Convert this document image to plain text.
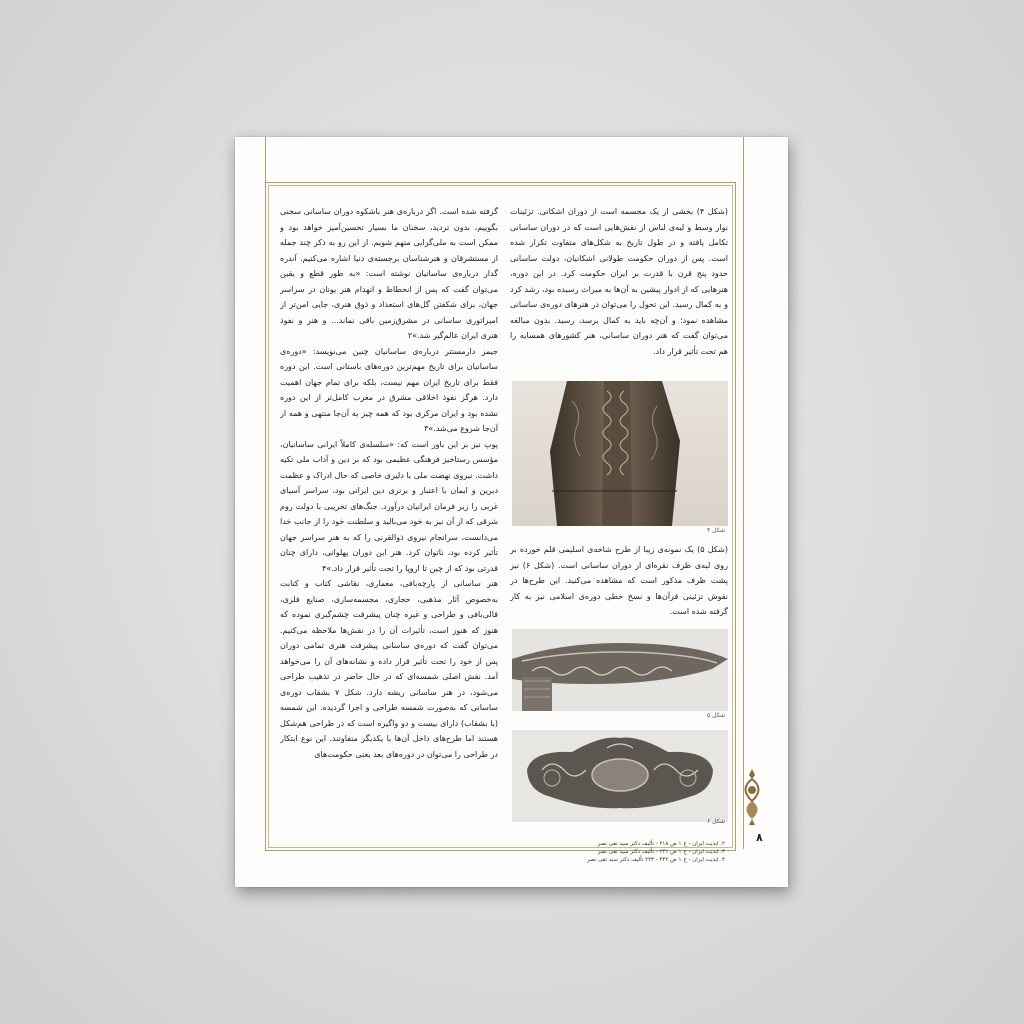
(شکل ۴) بخشی از یک مجسمه است از دوران اشکانی. تزئینات نوار وسط و لبه‌ی لباس از نقش‌هایی است که در دوران ساسانی تکامل یافته و در طول تاریخ به شکل‌های متفاوت تکرار شده است. پس از دوران حکومت طولانی اشکانیان، دولت ساسانی حدود پنج قرن با قدرت بر ایران حکومت کرد. در این دوره، هنرهایی که از ادوار پیشین به آن‌ها به میراث رسیده بود، رشد کرد و به کمال رسید. این تحول را می‌توان در هنرهای دوره‌ی ساسانی مشاهده نمود؛ و آن‌چه باید به کمال برسد، رسید. بدون مبالغه می‌توان گفت که هنر دوران ساسانی، هنر کشورهای همسایه را هم تحت تأثیر قرار داد.

شکل ۴

(شکل ۵) یک نمونه‌ی زیبا از طرح شاخه‌ی اسلیمی قلم خورده بر روی لبه‌ی ظرف نقره‌ای از دوران ساسانی است. (شکل ۶) نیز پشت ظرف مذکور است که مشاهده می‌کنید. این طرح‌ها در نقوش تزئینی قرآن‌ها و نسخ خطی دوره‌ی اسلامی نیز به کار گرفته شده است.

شکل ۵
شکل ۶

گرفته شده است. اگر درباره‌ی هنر باشکوه دوران ساسانی سخنی بگوییم، بدون تردید، سخنان ما بسیار تحسین‌آمیز خواهد بود و ممکن است به ملی‌گرایی متهم شویم. از این رو به ذکر چند جمله از مستشرقان و هنرشناسان برجسته‌ی دنیا اشاره می‌کنیم. آندره گدار درباره‌ی ساسانیان نوشته است: «به طور قطع و یقین می‌توان گفت که پس از انحطاط و انهدام هنر یونان در سراسر جهان، برای شکفتن گل‌های استعداد و ذوق هنری، جایی امن‌تر از امپراتوری ساسانی در مشرق‌زمین باقی نماند... و هنر و نفوذ هنری ایران عالم‌گیر شد.»۲

جیمز دارمستتر درباره‌ی ساسانیان چنین می‌نویسد: «دوره‌ی ساسانیان برای تاریخ مهم‌ترین دوره‌های باستانی است. این دوره فقط برای تاریخ ایران مهم نیست، بلکه برای تمام جهان اهمیت دارد. هرگز نفوذ اخلاقی مشرق در مغرب کامل‌تر از این دوره نشده بود و ایران مرکزی بود که همه چیز به آن‌جا منتهی و همه از آن‌جا شروع می‌شد.»۳

پوپ نیز بر این باور است که: «سلسله‌ی کاملاً ایرانی ساسانیان، مؤسس رستاخیز فرهنگی عظیمی بود که بر دین و آداب ملی تکیه داشت. نیروی نهضت ملی با دلیری خاصی که حال ادراک و عظمت دیرین و ایمان با اعتبار و برتری دین ایرانی بود، سراسر آسیای غربی را زیر فرمان ایرانیان درآورد. جنگ‌های تخریبی با دولت روم شرقی که از آن نیز به خود می‌بالید و سلطنت خود را از جانب خدا می‌دانست، سرانجام نیروی ذوالقرنی را که به هنر سراسر جهان تأثیر کرده بود، ناتوان کرد. هنر این دوران پهلوانی، دارای چنان قدرتی بود که از چین تا اروپا را تحت تأثیر قرار داد.»۴

هنر ساسانی از پارچه‌بافی، معماری، نقاشی کتاب و کتابت به‌خصوص آثار مذهبی، حجاری، مجسمه‌سازی، صنایع فلزی، قالی‌بافی و طراحی و غیره چنان پیشرفت چشم‌گیری نموده که هنوز که هنوز است، تأثیرات آن را در نقش‌ها ملاحظه می‌کنیم. می‌توان گفت که دوره‌ی ساسانی پیشرفت هنری تمامی دوران پس از خود را تحت تأثیر قرار داده و نشانه‌های آن را می‌خواهد آمد. نقش اصلی شمسه‌ای که در حال حاضر در تذهیب طراحی می‌شود، در هنر ساسانی ریشه دارد. شکل ۷ بشقاب دوره‌ی ساسانی که به‌صورت شمسه طراحی و اجرا گردیده. این شمسه (با بشقاب) دارای بیست و دو واگیره است که در طراحی هم‌شکل هستند اما طرح‌های داخل آن‌ها با یکدیگر متفاوتند. این نوع ابتکار در طراحی را می‌توان در دوره‌های بعد یعنی حکومت‌های

۸
۲. ابدیت ایران - ج ۱ ص ۲۱۸ - تألیف دکتر سید تقی نصر
۳. ابدیت ایران - ج ۱ ص ۲۴۱ - تألیف دکتر سید تقی نصر
۴. ابدیت ایران - ج ۱ ص ۲۴۲ - ۲۴۳ تألیف دکتر سید تقی نصر
